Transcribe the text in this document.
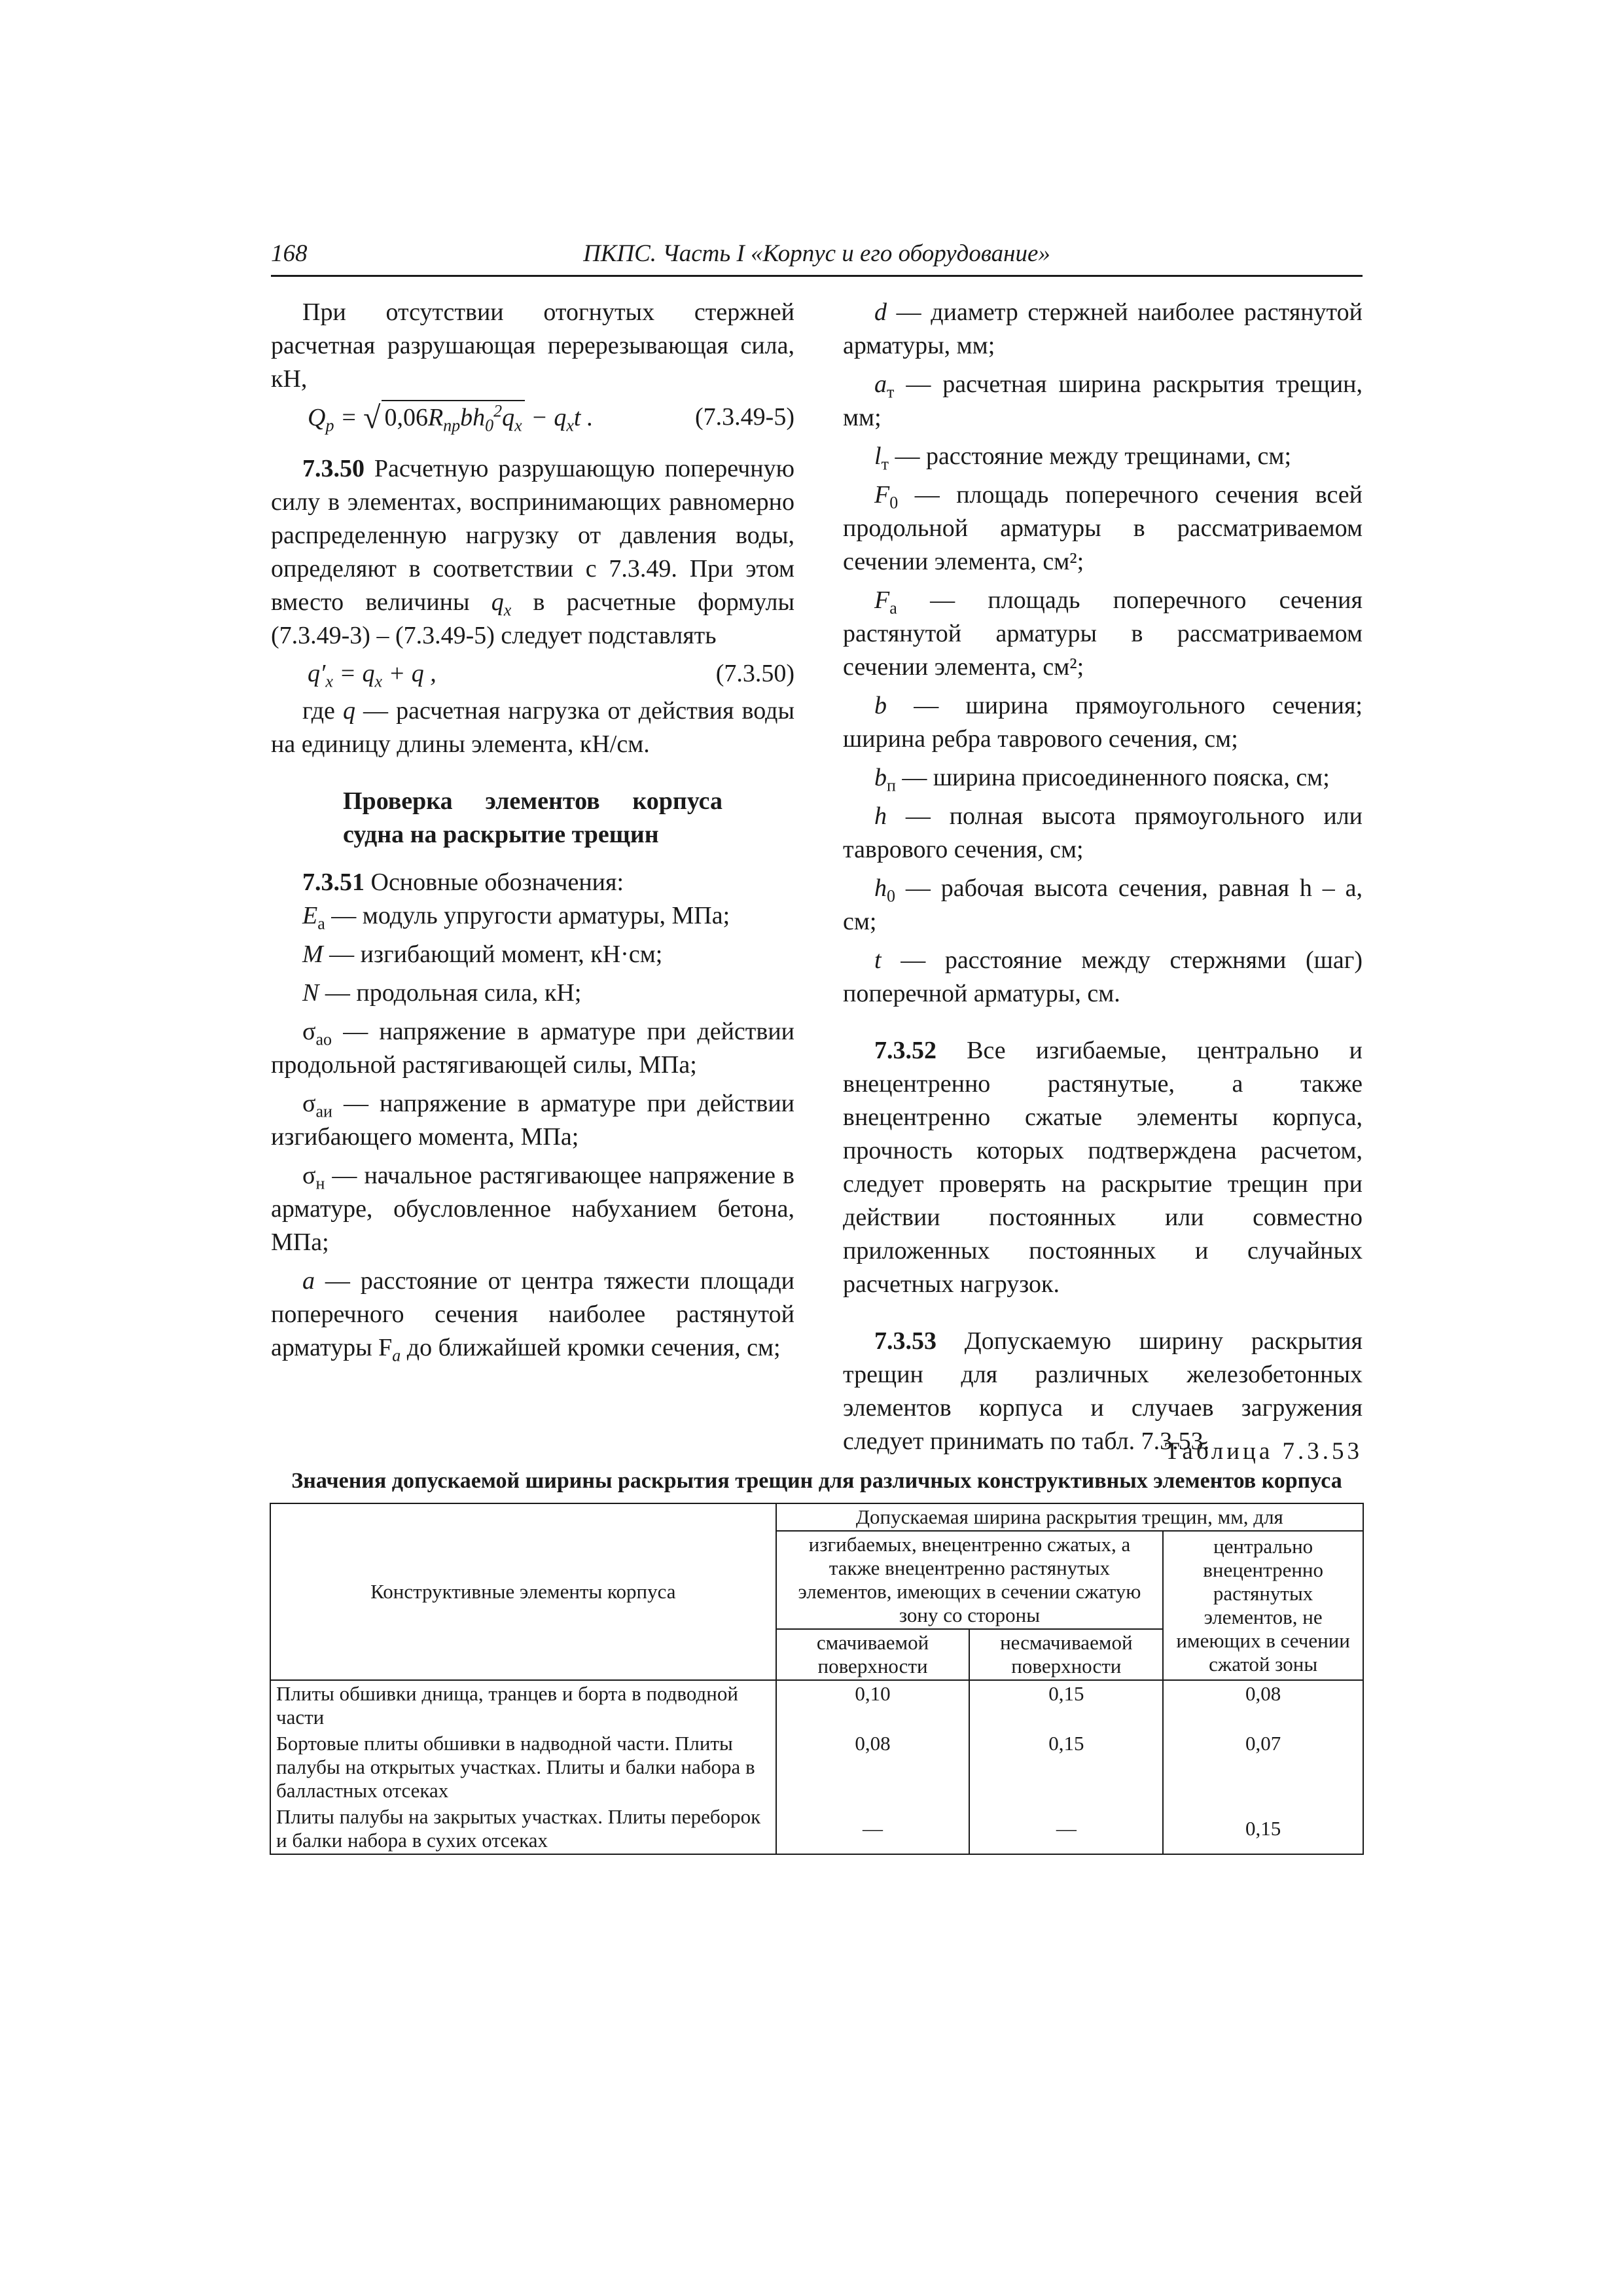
168	ПКПС. Часть I «Корпус и его оборудование»

При отсутствии отогнутых стержней расчетная разрушающая перерезывающая сила, кН,

$Q_р$ = √ $0,06R_{пр}bh_0^2q_x - q_xt$ .	(7.3.49-5)

7.3.50 Расчетную разрушающую поперечную силу в элементах, воспринимающих равномерно распределенную нагрузку от давления воды, определяют в соответствии с 7.3.49. При этом вместо величины $q_x$ в расчетные формулы (7.3.49-3) – (7.3.49-5) следует подставлять

$q'_x = q_x + q$ ,	(7.3.50)

где q — расчетная нагрузка от действия воды на единицу длины элемента, кН/см.

Проверка элементов корпуса судна на раскрытие трещин

7.3.51 Основные обозначения:

$E_а$ — модуль упругости арматуры, МПа;

M — изгибающий момент, кН·см;

N — продольная сила, кН;

$\sigma_{ао}$ — напряжение в арматуре при действии продольной растягивающей силы, МПа;

$\sigma_{аи}$ — напряжение в арматуре при действии изгибающего момента, МПа;

$\sigma_н$ — начальное растягивающее напряжение в арматуре, обусловленное набуханием бетона, МПа;

a — расстояние от центра тяжести площади поперечного сечения наиболее растянутой арматуры $F_a$ до ближайшей кромки сечения, см;

d — диаметр стержней наиболее растянутой арматуры, мм;

$a_т$ — расчетная ширина раскрытия трещин, мм;

$l_т$ — расстояние между трещинами, см;

$F_0$ — площадь поперечного сечения всей продольной арматуры в рассматриваемом сечении элемента, см²;

$F_а$ — площадь поперечного сечения растянутой арматуры в рассматриваемом сечении элемента, см²;

b — ширина прямоугольного сечения; ширина ребра таврового сечения, см;

$b_п$ — ширина присоединенного пояска, см;

h — полная высота прямоугольного или таврового сечения, см;

$h_0$ — рабочая высота сечения, равная h – a, см;

t — расстояние между стержнями (шаг) поперечной арматуры, см.

7.3.52 Все изгибаемые, центрально и внецентренно растянутые, а также внецентренно сжатые элементы корпуса, прочность которых подтверждена расчетом, следует проверять на раскрытие трещин при действии постоянных или совместно приложенных постоянных и случайных расчетных нагрузок.

7.3.53 Допускаемую ширину раскрытия трещин для различных железобетонных элементов корпуса и случаев загружения следует принимать по табл. 7.3.53.

Таблица 7.3.53
Значения допускаемой ширины раскрытия трещин для различных конструктивных элементов корпуса
Конструктивные элементы корпуса	Допускаемая ширина раскрытия трещин, мм, для		
	изгибаемых, внецентренно сжатых, а также внецентренно растянутых элементов, имеющих в сечении сжатую зону со стороны		центрально внецентренно растянутых элементов, не имеющих в сечении сжатой зоны
	смачиваемой поверхности	несмачиваемой поверхности	
Плиты обшивки днища, транцев и борта в подводной части	0,10	0,15	0,08
Бортовые плиты обшивки в надводной части. Плиты палубы на открытых участках. Плиты и балки набора в балластных отсеках	0,08	0,15	0,07
Плиты палубы на закрытых участках. Плиты переборок и балки набора в сухих отсеках	—	—	0,15
